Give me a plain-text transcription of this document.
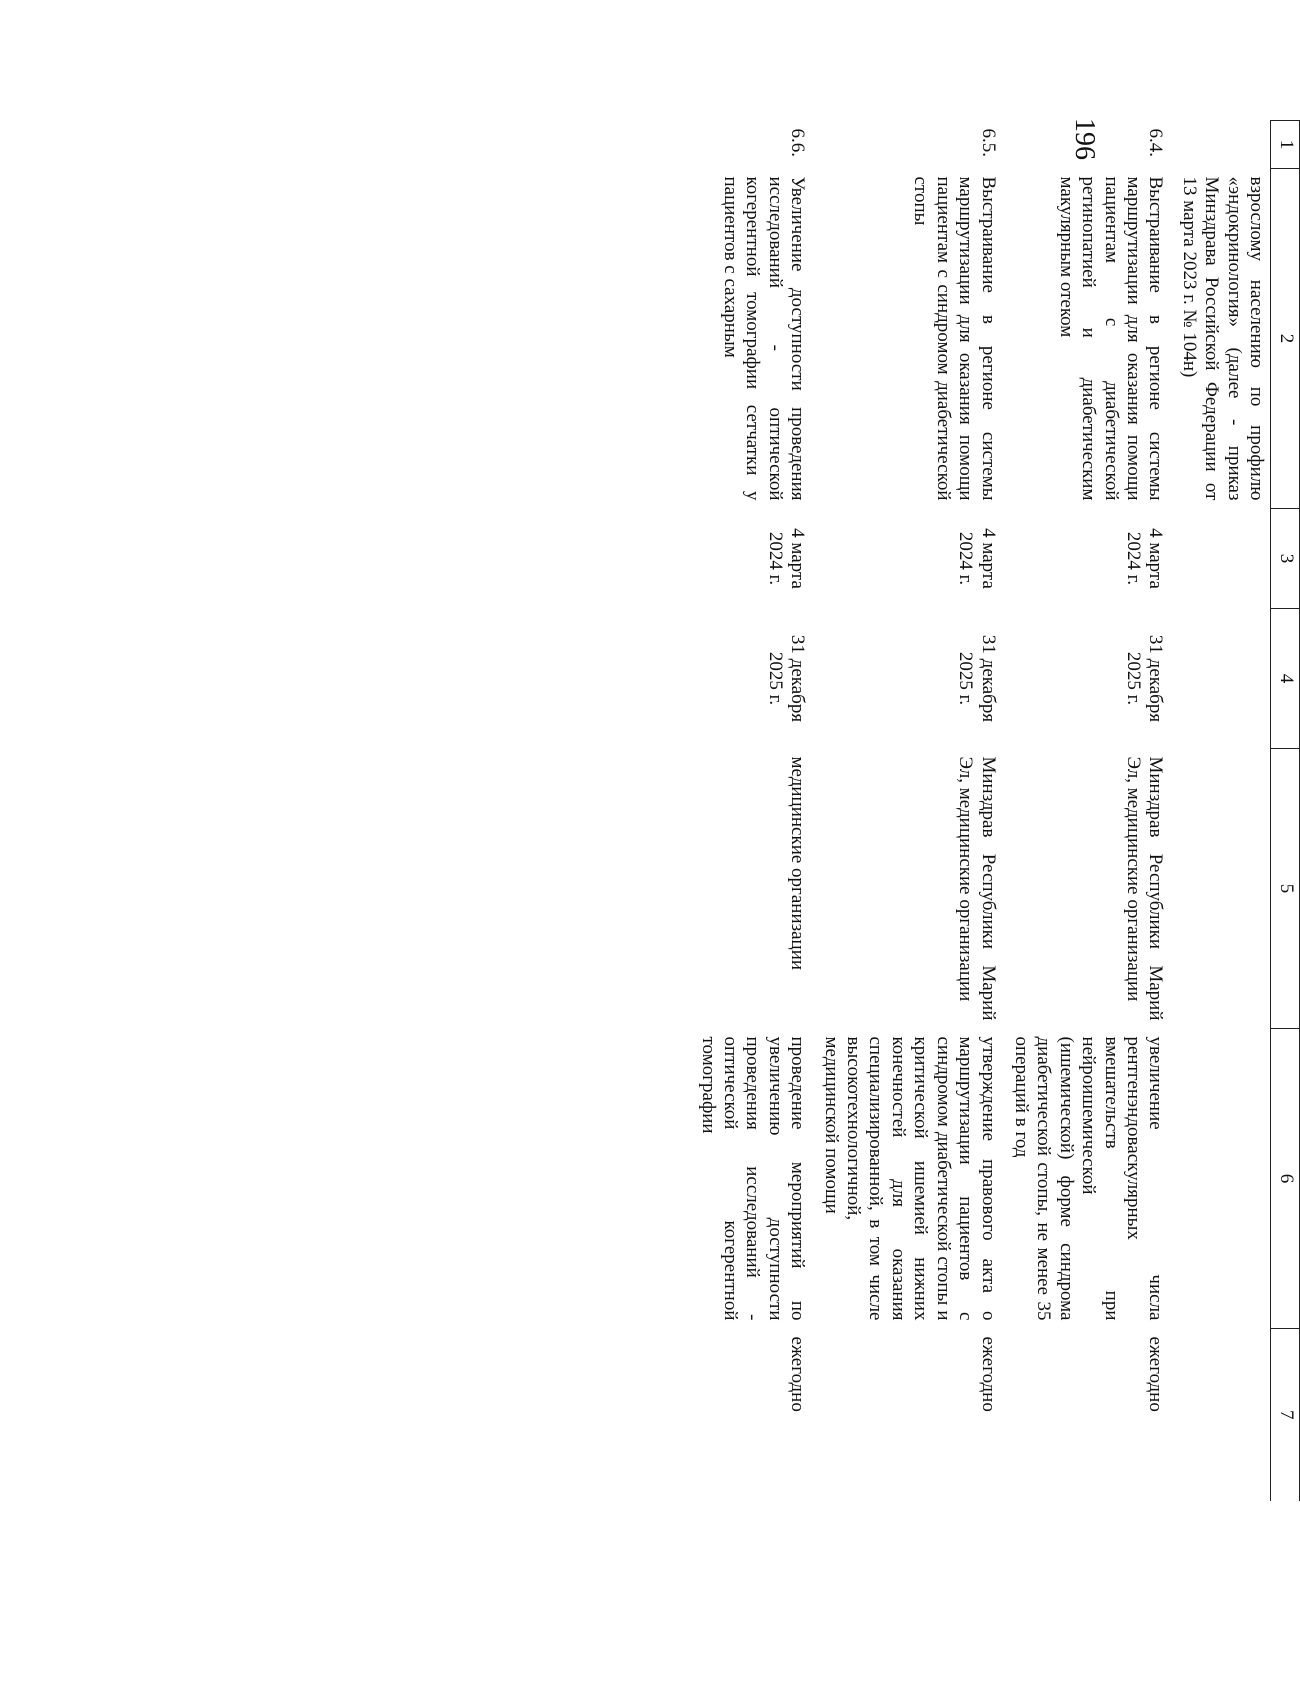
196	1	2	3	4	5	6	7
	взрослому населению по профилю «эндокринология» (далее - приказ Минздрава Российской Федерации от 13 марта 2023 г. № 104н)					
6.4.	Выстраивание в регионе системы маршрутизации для оказания помощи пациентам с диабетической ретинопатией и диабетическим макулярным отеком	4 марта 2024 г.	31 декабря 2025 г.	Минздрав Республики Марий Эл, медицинские организации	увеличение числа рентгенэндоваскулярных вмешательств при нейроишемической (ишемической) форме синдрома диабетической стопы, не менее 35 операций в год	ежегодно
6.5.	Выстраивание в регионе системы маршрутизации для оказания помощи пациентам с синдромом диабетической стопы	4 марта 2024 г.	31 декабря 2025 г.	Минздрав Республики Марий Эл, медицинские организации	утверждение правового акта о маршрутизации пациентов с синдромом диабетической стопы и критической ишемией нижних конечностей для оказания специализированной, в том числе высокотехнологичной, медицинской помощи	ежегодно
6.6.	Увеличение доступности проведения исследований - оптической когерентной томографии сетчатки у пациентов с сахарным	4 марта 2024 г.	31 декабря 2025 г.	медицинские организации	проведение мероприятий по увеличению доступности проведения исследований - оптической когерентной томографии	ежегодно
